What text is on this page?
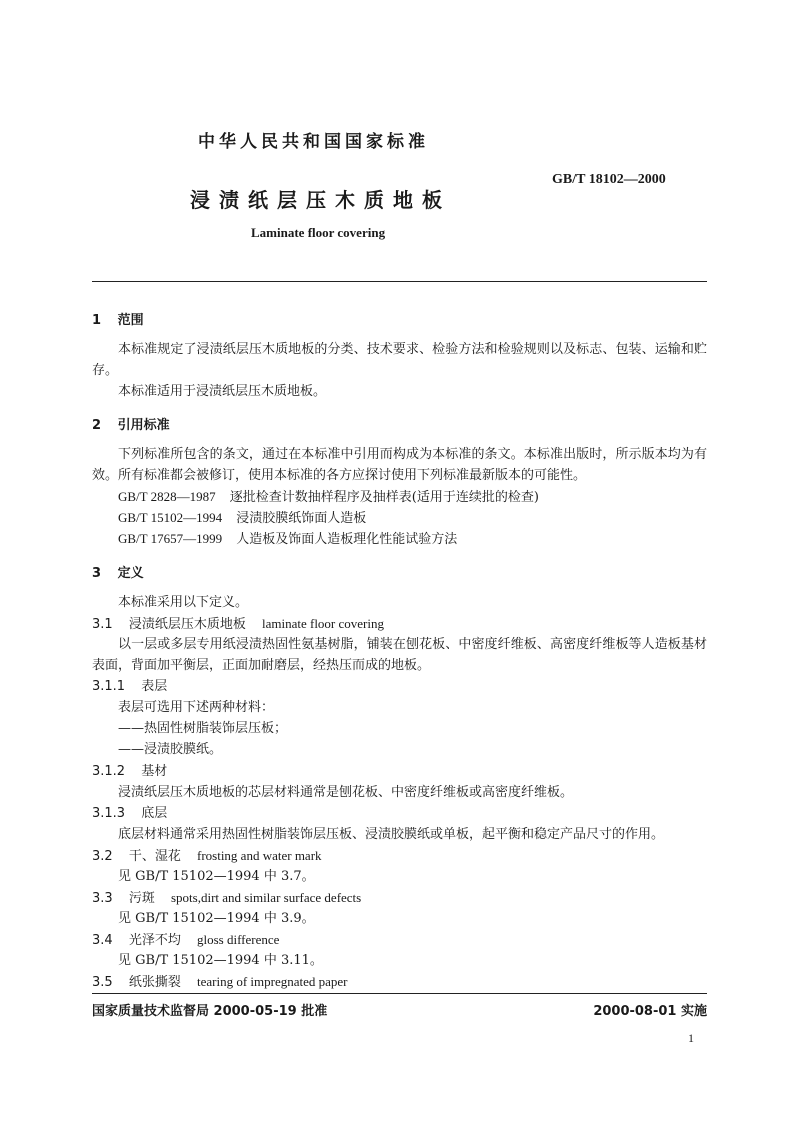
中华人民共和国国家标准
浸渍纸层压木质地板
GB/T 18102—2000
Laminate floor covering
1 范围
本标准规定了浸渍纸层压木质地板的分类、技术要求、检验方法和检验规则以及标志、包装、运输和贮存。
本标准适用于浸渍纸层压木质地板。
2 引用标准
下列标准所包含的条文，通过在本标准中引用而构成为本标准的条文。本标准出版时，所示版本均为有效。所有标准都会被修订，使用本标准的各方应探讨使用下列标准最新版本的可能性。
GB/T 2828—1987 逐批检查计数抽样程序及抽样表(适用于连续批的检查)
GB/T 15102—1994 浸渍胶膜纸饰面人造板
GB/T 17657—1999 人造板及饰面人造板理化性能试验方法
3 定义
本标准采用以下定义。
3.1 浸渍纸层压木质地板 laminate floor covering
以一层或多层专用纸浸渍热固性氨基树脂，铺装在刨花板、中密度纤维板、高密度纤维板等人造板基材表面，背面加平衡层，正面加耐磨层，经热压而成的地板。
3.1.1 表层
表层可选用下述两种材料：
——热固性树脂装饰层压板；
——浸渍胶膜纸。
3.1.2 基材
浸渍纸层压木质地板的芯层材料通常是刨花板、中密度纤维板或高密度纤维板。
3.1.3 底层
底层材料通常采用热固性树脂装饰层压板、浸渍胶膜纸或单板，起平衡和稳定产品尺寸的作用。
3.2 干、湿花 frosting and water mark
见 GB/T 15102—1994 中 3.7。
3.3 污斑 spots,dirt and similar surface defects
见 GB/T 15102—1994 中 3.9。
3.4 光泽不均 gloss difference
见 GB/T 15102—1994 中 3.11。
3.5 纸张撕裂 tearing of impregnated paper
国家质量技术监督局 2000-05-19 批准	2000-08-01 实施
1
